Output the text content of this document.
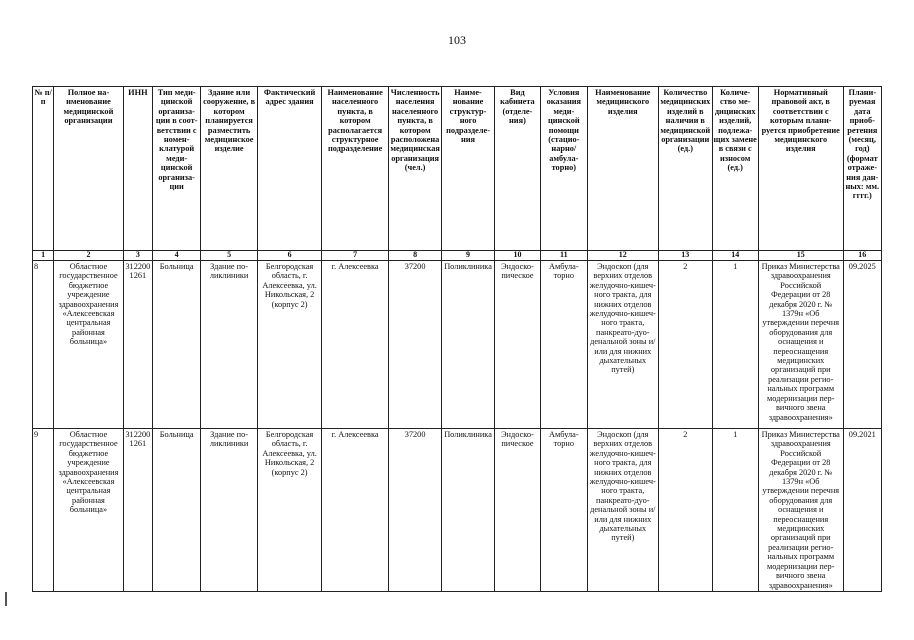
103
№ п/п	Полное наименование медицинской организации	ИНН	Тип медицинской организации в соответствии с номенклатурой медицинской организации	Здание или сооружение, в котором планируется разместить медицинское изделие	Фактический адрес здания	Наименование населенного пункта, в котором располагается структурное подразделение	Численность населения населенного пункта, в котором расположена медицинская организация (чел.)	Наименование структурного подразделения	Вид кабинета (отделения)	Условия оказания медицинской помощи (стационарно/ амбулаторно)	Наименование медицинского изделия	Количество медицинских изделий в наличии в медицинской организации (ед.)	Количество медицинских изделий, подлежащих замене в связи с износом (ед.)	Нормативный правовой акт, в соответствии с которым планируется приобретение медицинского изделия	Планируемая дата приобретения (месяц, год) (формат отражения данных: мм. гггг.)
1	2	3	4	5	6	7	8	9	10	11	12	13	14	15	16
8	Областное государственное бюджетное учреждение здравоохранения «Алексеевская центральная районная больница»	3122001261	Больница	Здание поликлиники	Белгородская область, г. Алексеевка, ул. Никольская, 2 (корпус 2)	г. Алексеевка	37200	Поликлиника	Эндоскопическое	Амбулаторно	Эндоскоп (для верхних отделов желудочно-кишечного тракта, для нижних отделов желудочно-кишечного тракта, панкреато-дуоденальной зоны и/или для нижних дыхательных путей)	2	1	Приказ Министерства здравоохранения Российской Федерации от 28 декабря 2020 г. № 1379н «Об утверждении перечня оборудования для оснащения и переоснащения медицинских организаций при реализации региональных программ модернизации первичного звена здравоохранения»	09.2025
9	Областное государственное бюджетное учреждение здравоохранения «Алексеевская центральная районная больница»	3122001261	Больница	Здание поликлиники	Белгородская область, г. Алексеевка, ул. Никольская, 2 (корпус 2)	г. Алексеевка	37200	Поликлиника	Эндоскопическое	Амбулаторно	Эндоскоп (для верхних отделов желудочно-кишечного тракта, для нижних отделов желудочно-кишечного тракта, панкреато-дуоденальной зоны и/или для нижних дыхательных путей)	2	1	Приказ Министерства здравоохранения Российской Федерации от 28 декабря 2020 г. № 1379н «Об утверждении перечня оборудования для оснащения и переоснащения медицинских организаций при реализации региональных программ модернизации первичного звена здравоохранения»	09.2021
